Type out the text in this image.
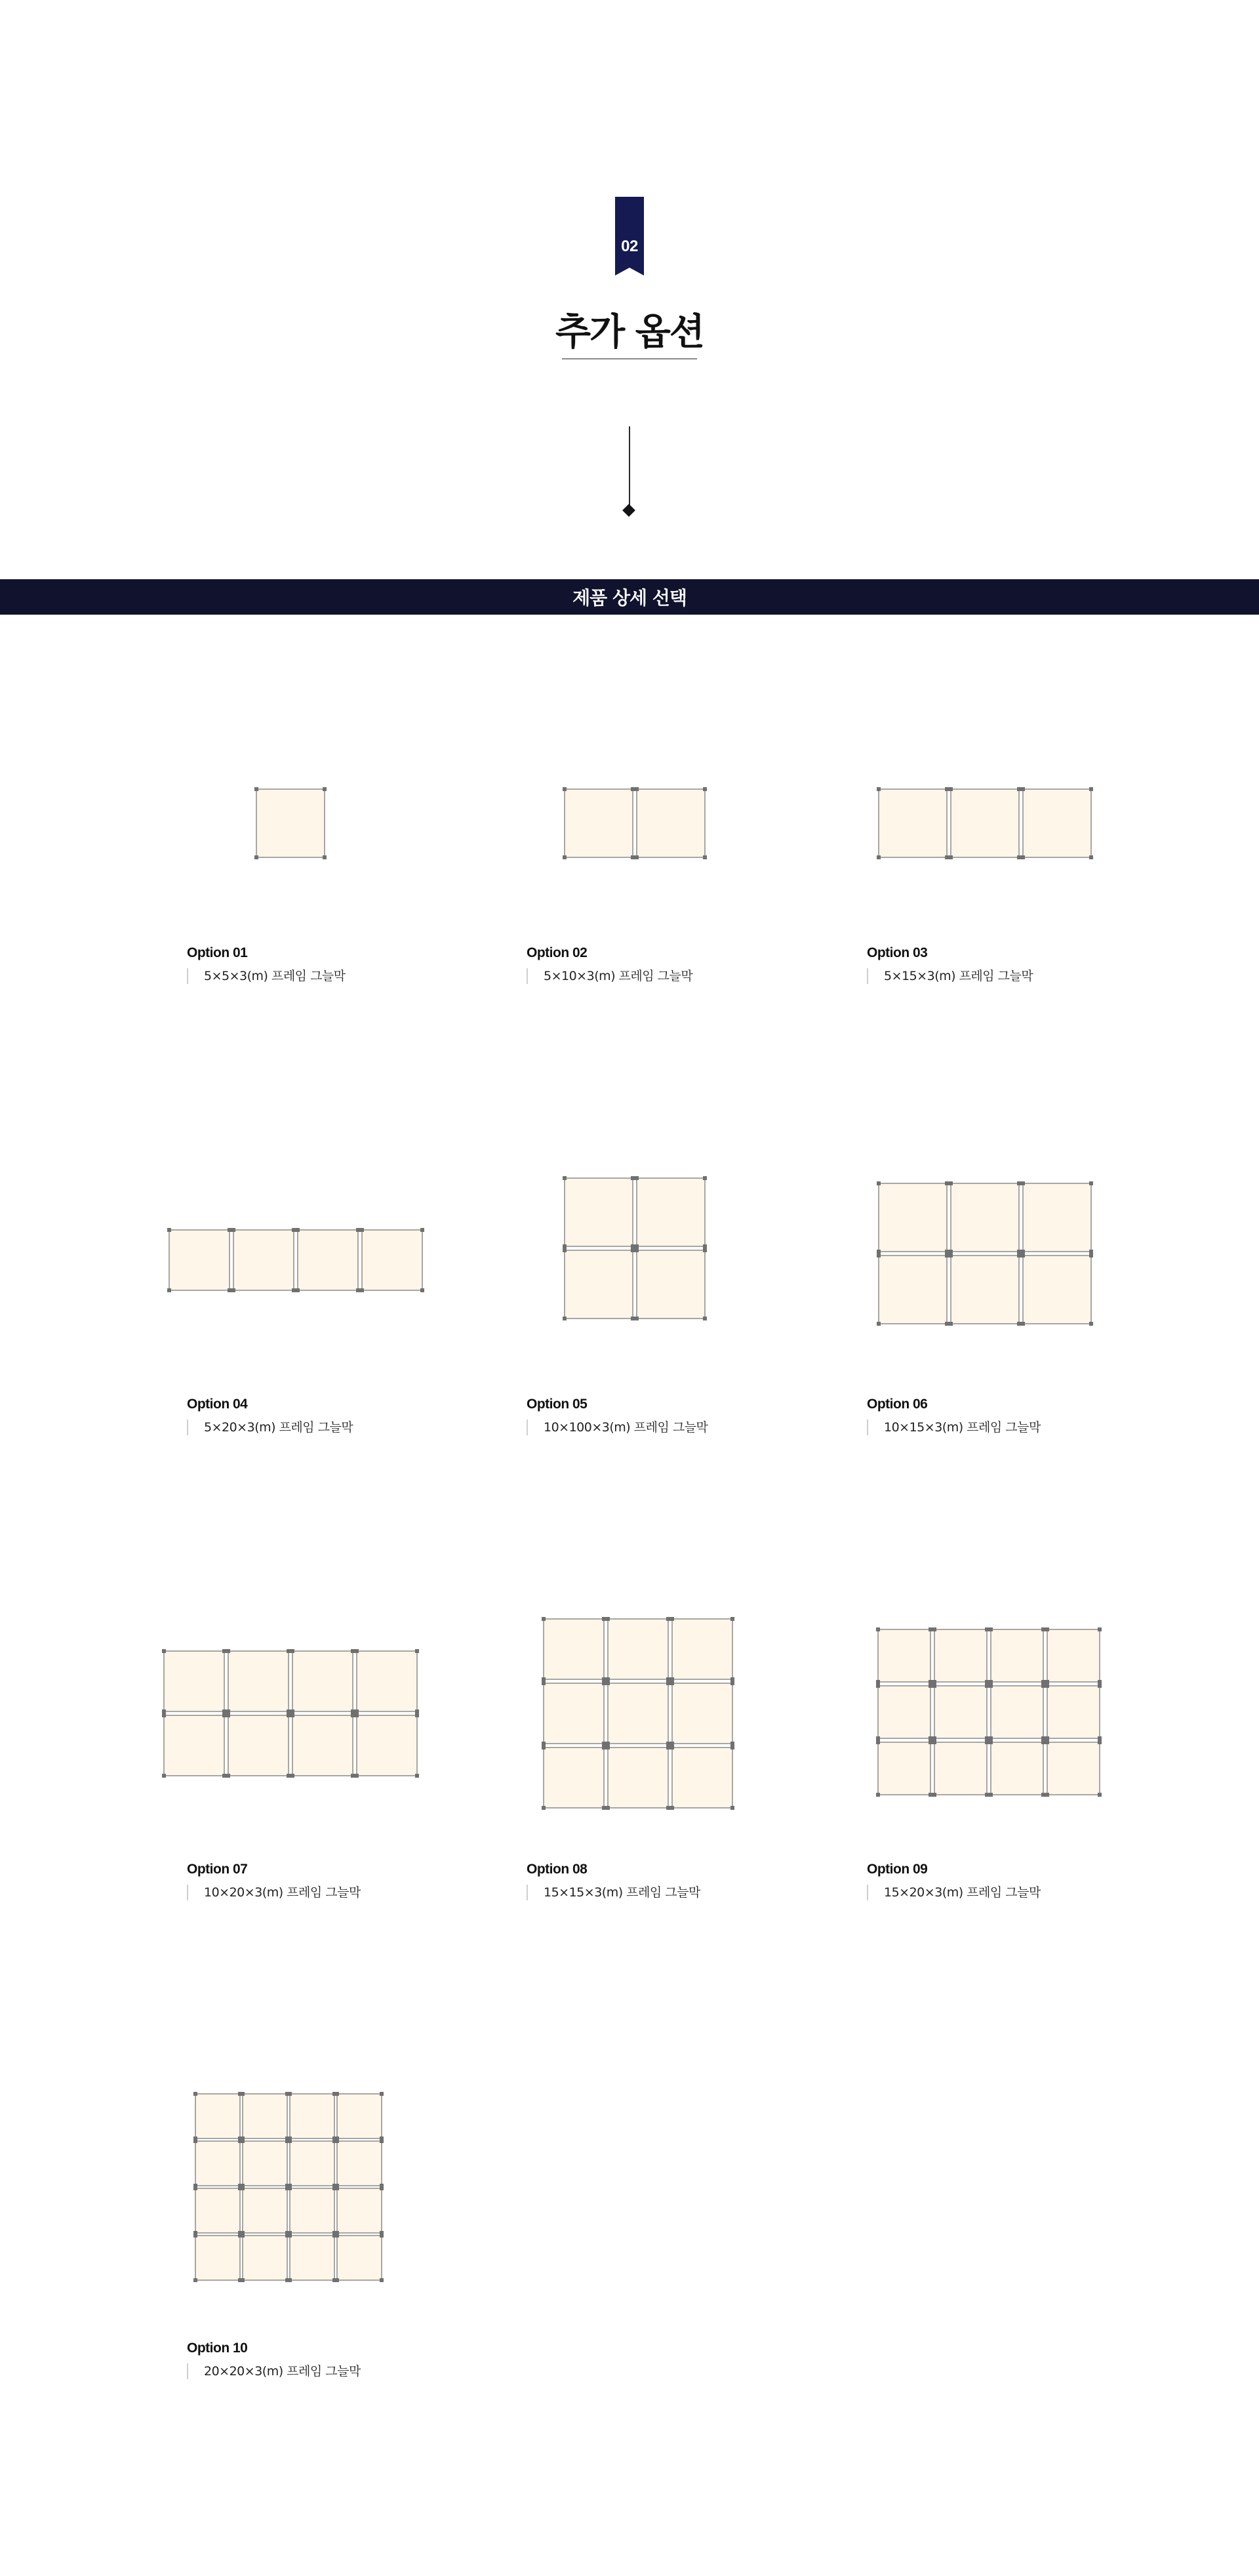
02
추가 옵션
제품 상세 선택
Option 01
5×5×3(m) 프레임 그늘막
Option 02
5×10×3(m) 프레임 그늘막
Option 03
5×15×3(m) 프레임 그늘막
Option 04
5×20×3(m) 프레임 그늘막
Option 05
10×100×3(m) 프레임 그늘막
Option 06
10×15×3(m) 프레임 그늘막
Option 07
10×20×3(m) 프레임 그늘막
Option 08
15×15×3(m) 프레임 그늘막
Option 09
15×20×3(m) 프레임 그늘막
Option 10
20×20×3(m) 프레임 그늘막
